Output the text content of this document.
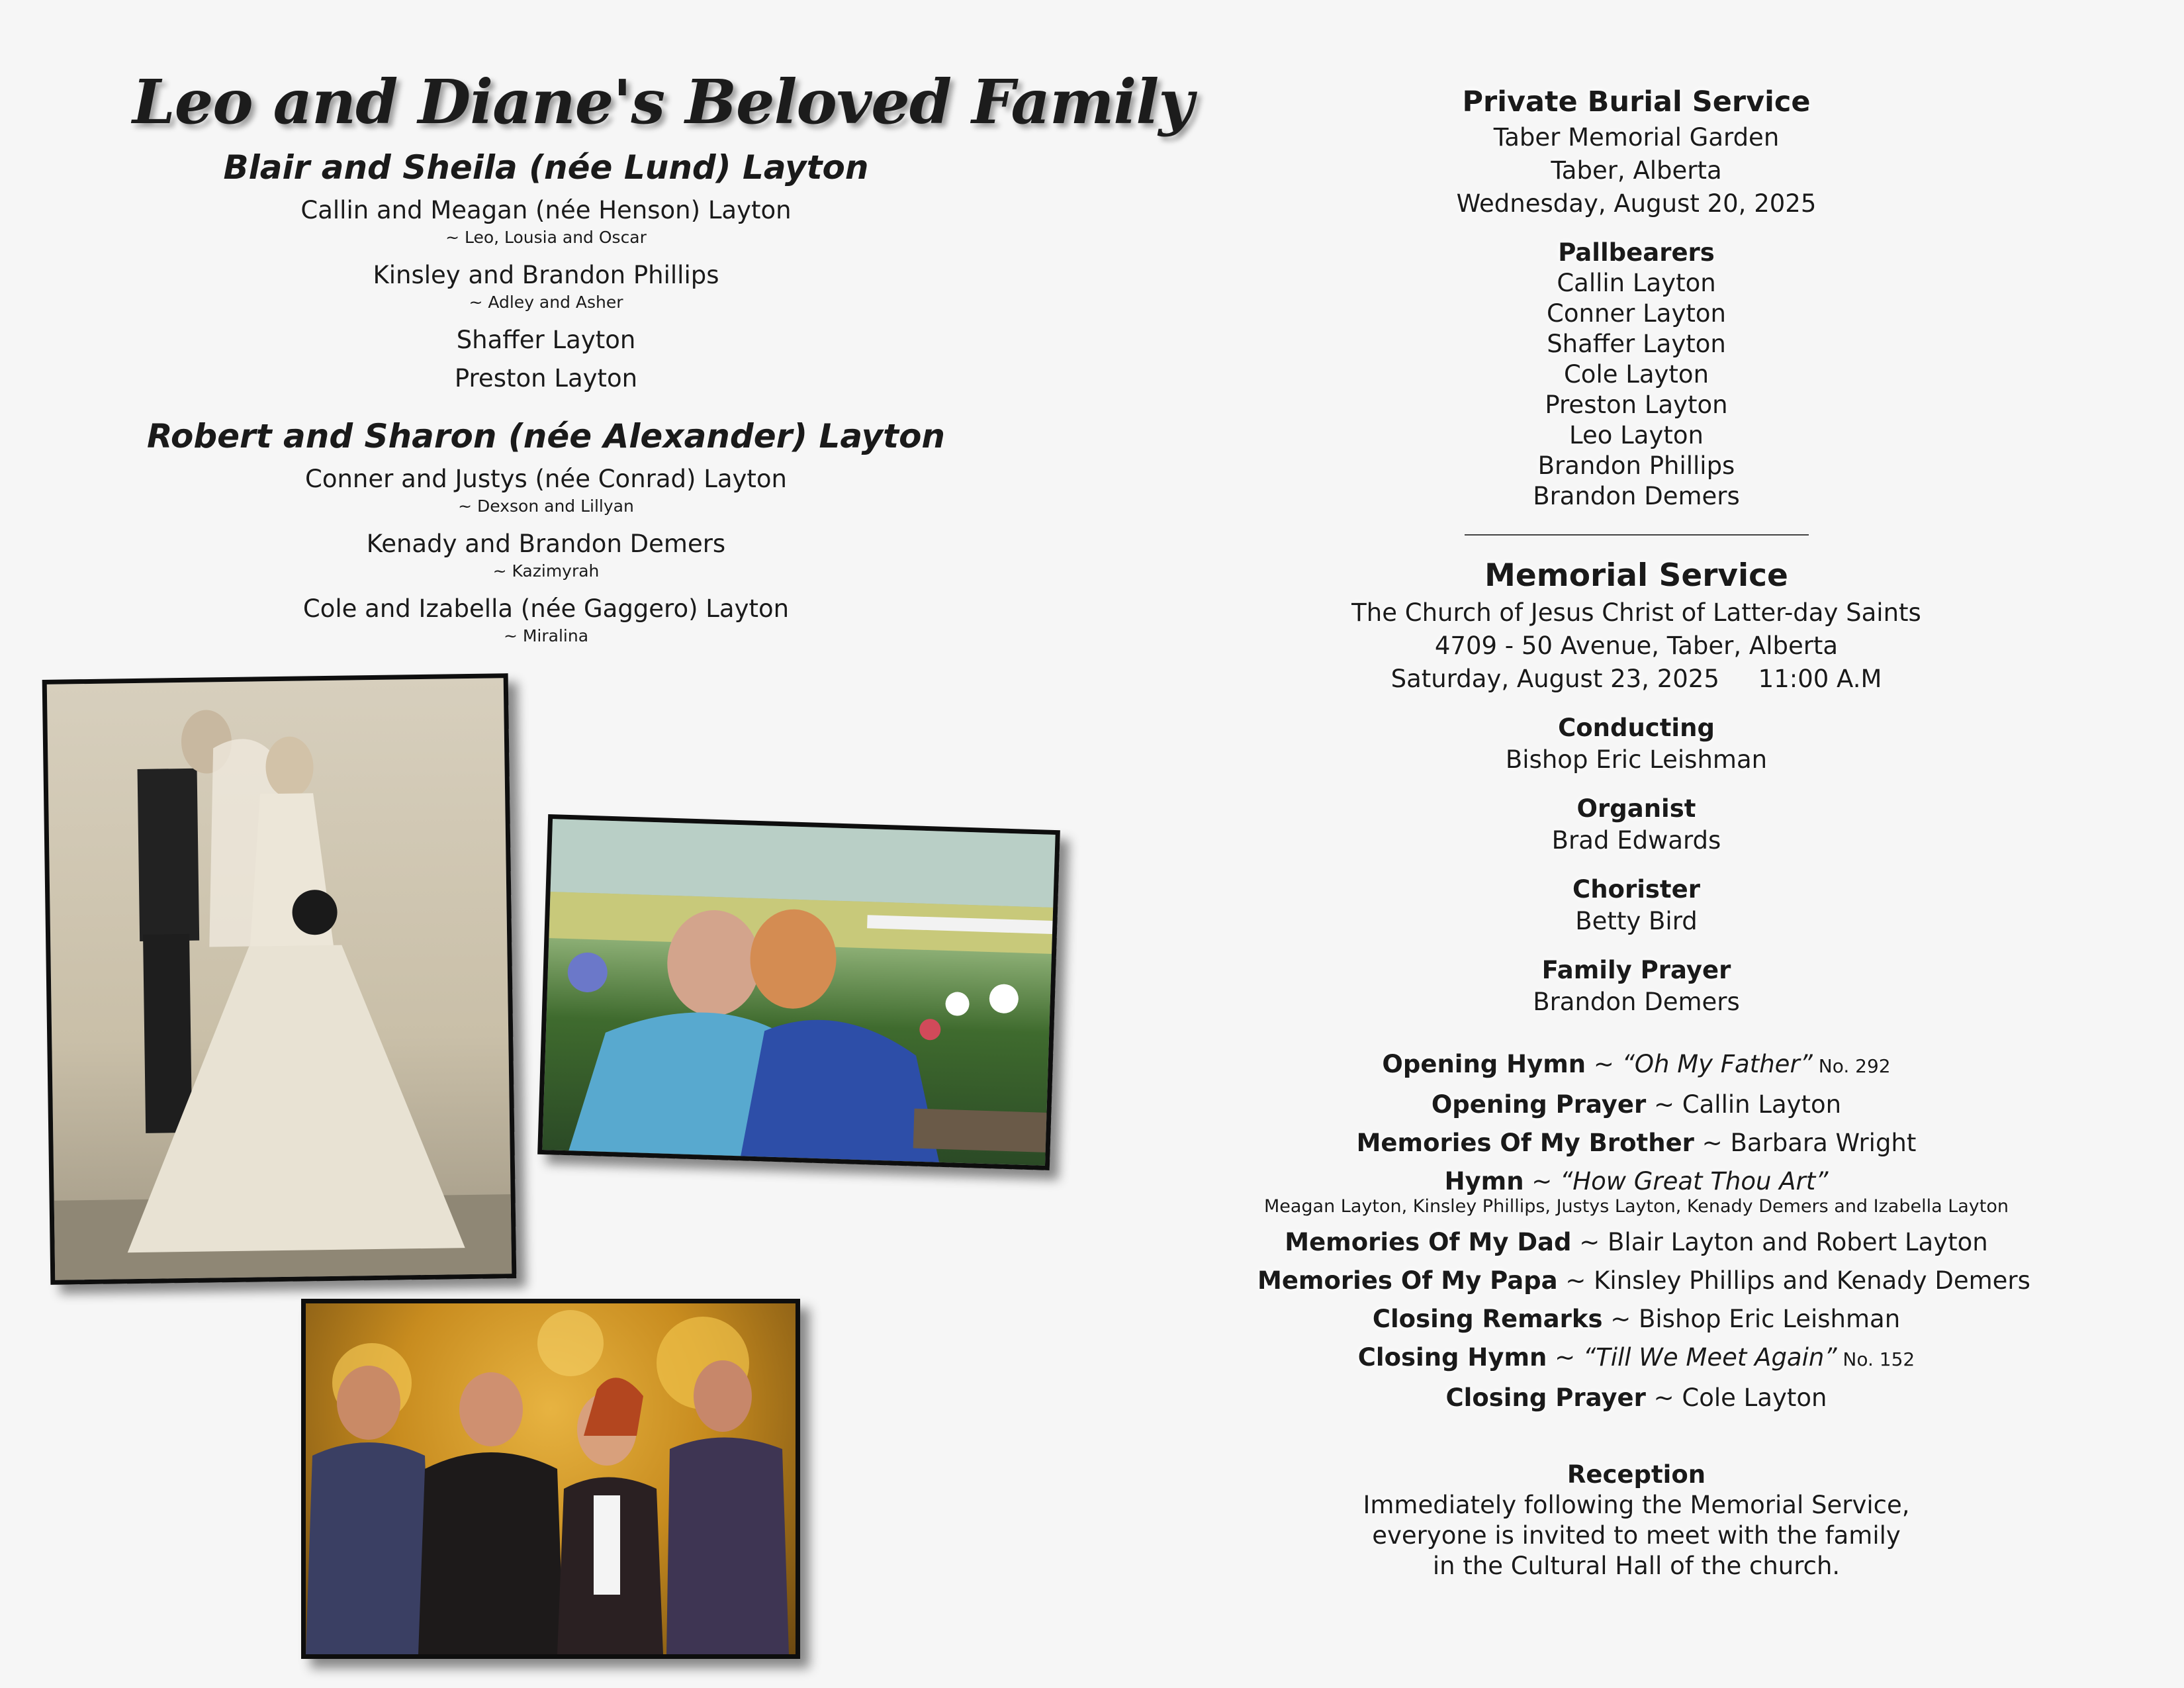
Leo and Diane's Beloved Family
Blair and Sheila (née Lund) Layton
Callin and Meagan (née Henson) Layton
~ Leo, Lousia and Oscar
Kinsley and Brandon Phillips
~ Adley and Asher
Shaffer Layton
Preston Layton
Robert and Sharon (née Alexander) Layton
Conner and Justys (née Conrad) Layton
~ Dexson and Lillyan
Kenady and Brandon Demers
~ Kazimyrah
Cole and Izabella (née Gaggero) Layton
~ Miralina
Private Burial Service
Taber Memorial Garden
Taber, Alberta
Wednesday, August 20, 2025
Pallbearers
Callin Layton
Conner Layton
Shaffer Layton
Cole Layton
Preston Layton
Leo Layton
Brandon Phillips
Brandon Demers
Memorial Service
The Church of Jesus Christ of Latter-day Saints
4709 - 50 Avenue, Taber, Alberta
Saturday, August 23, 2025     11:00 A.M
Conducting
Bishop Eric Leishman
Organist
Brad Edwards
Chorister
Betty Bird
Family Prayer
Brandon Demers
Opening Hymn ~ “Oh My Father” No. 292
Opening Prayer ~ Callin Layton
Memories Of My Brother ~ Barbara Wright
Hymn ~ “How Great Thou Art”
Meagan Layton, Kinsley Phillips, Justys Layton, Kenady Demers and Izabella Layton
Memories Of My Dad ~ Blair Layton and Robert Layton
Memories Of My Papa ~ Kinsley Phillips and Kenady Demers
Closing Remarks ~ Bishop Eric Leishman
Closing Hymn ~ “Till We Meet Again” No. 152
Closing Prayer ~ Cole Layton
Reception
Immediately following the Memorial Service,
everyone is invited to meet with the family
in the Cultural Hall of the church.
